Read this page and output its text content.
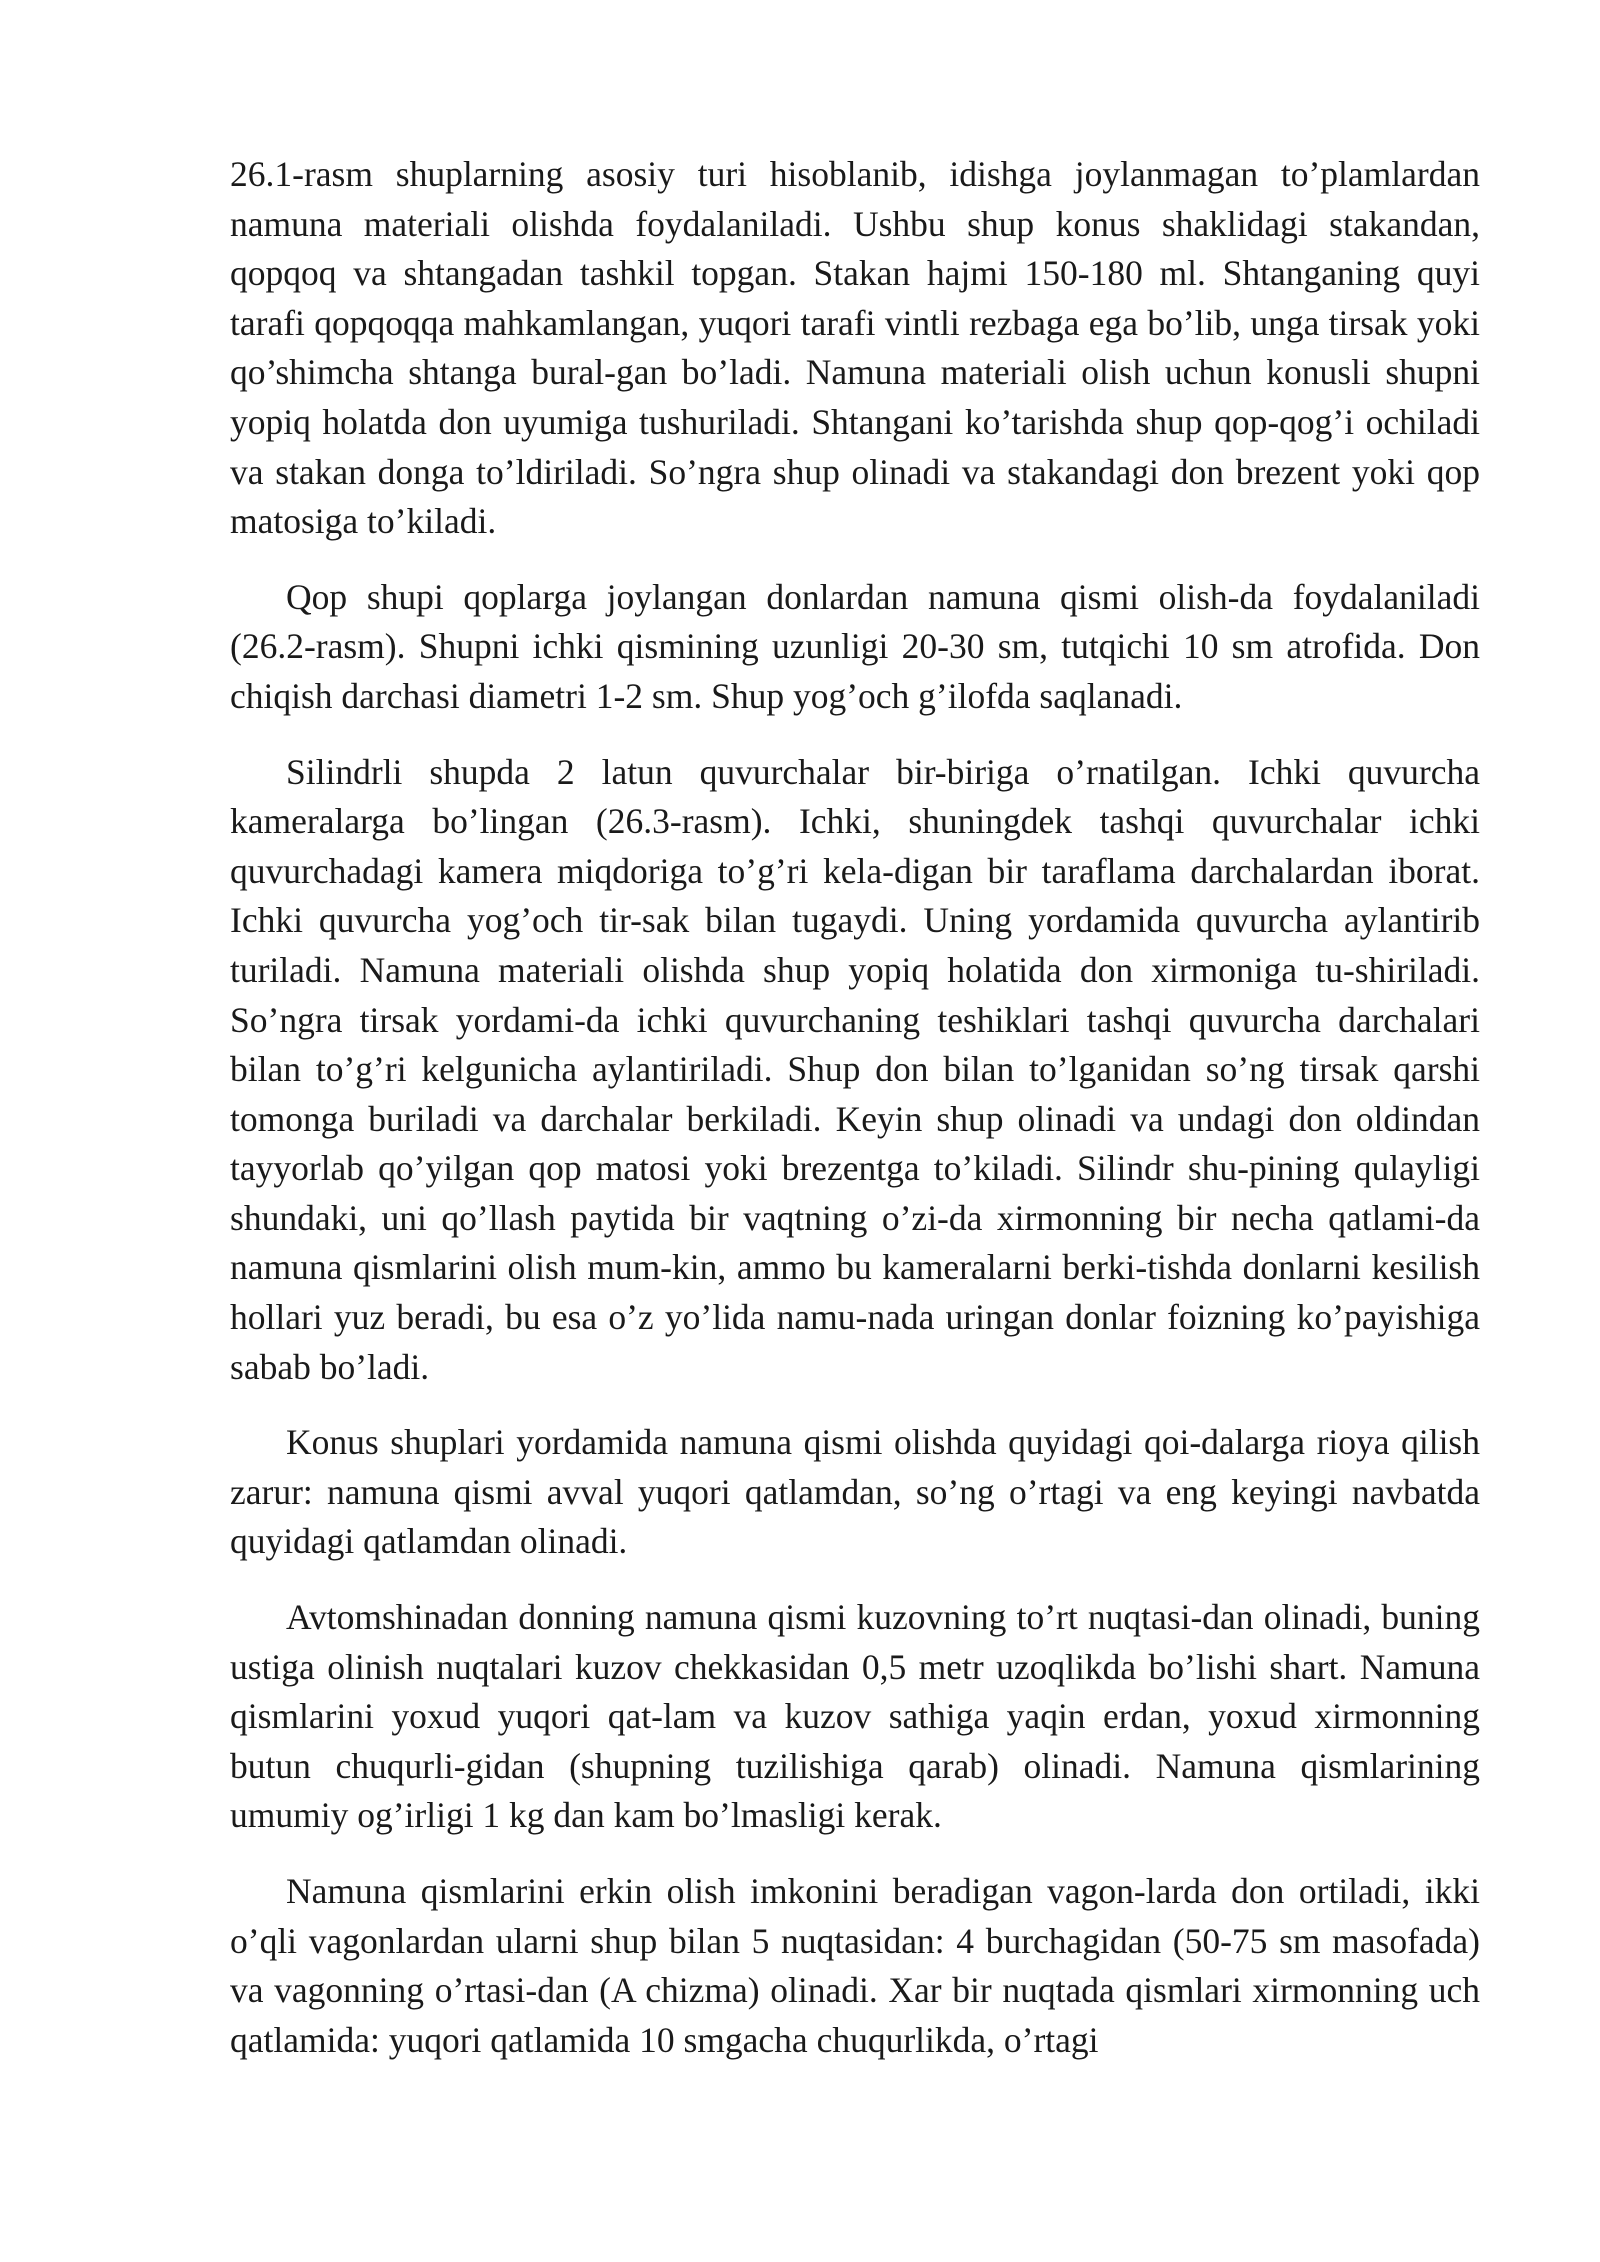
26.1-rasm shuplarning asosiy turi hisoblanib, idishga joylanmagan to’plamlardan namuna materiali olishda foydalaniladi. Ushbu shup konus shaklidagi stakandan, qopqoq va shtangadan tashkil topgan. Stakan hajmi 150-180 ml. Shtanganing quyi tarafi qopqoqqa mahkamlangan, yuqori tarafi vintli rezbaga ega bo’lib, unga tirsak yoki qo’shimcha shtanga bural-gan bo’ladi. Namuna materiali olish uchun konusli shupni yopiq holatda don uyumiga tushuriladi. Shtangani ko’tarishda shup qop-qog’i ochiladi va stakan donga to’ldiriladi. So’ngra shup olinadi va stakandagi don brezent yoki qop matosiga to’kiladi.

Qop shupi qoplarga joylangan donlardan namuna qismi olish-da foydalaniladi (26.2-rasm). Shupni ichki qismining uzunligi 20-30 sm, tutqichi 10 sm atrofida. Don chiqish darchasi diametri 1-2 sm. Shup yog’och g’ilofda saqlanadi.

Silindrli shupda 2 latun quvurchalar bir-biriga o’rnatilgan. Ichki quvurcha kameralarga bo’lingan (26.3-rasm). Ichki, shuningdek tashqi quvurchalar ichki quvurchadagi kamera miqdoriga to’g’ri kela-digan bir taraflama darchalardan iborat. Ichki quvurcha yog’och tir-sak bilan tugaydi. Uning yordamida quvurcha aylantirib turiladi. Namuna materiali olishda shup yopiq holatida don xirmoniga tu-shiriladi. So’ngra tirsak yordami-da ichki quvurchaning teshiklari tashqi quvurcha darchalari bilan to’g’ri kelgunicha aylantiriladi. Shup don bilan to’lganidan so’ng tirsak qarshi tomonga buriladi va darchalar berkiladi. Keyin shup olinadi va undagi don oldindan tayyorlab qo’yilgan qop matosi yoki brezentga to’kiladi. Silindr shu-pining qulayligi shundaki, uni qo’llash paytida bir vaqtning o’zi-da xirmonning bir necha qatlami-da namuna qismlarini olish mum-kin, ammo bu kameralarni berki-tishda donlarni kesilish hollari yuz beradi, bu esa o’z yo’lida namu-nada uringan donlar foizning ko’payishiga sabab bo’ladi.

Konus shuplari yordamida namuna qismi olishda quyidagi qoi-dalarga rioya qilish zarur: namuna qismi avval yuqori qatlamdan, so’ng o’rtagi va eng keyingi navbatda quyidagi qatlamdan olinadi.

Avtomshinadan donning namuna qismi kuzovning to’rt nuqtasi-dan olinadi, buning ustiga olinish nuqtalari kuzov chekkasidan 0,5 metr uzoqlikda bo’lishi shart. Namuna qismlarini yoxud yuqori qat-lam va kuzov sathiga yaqin erdan, yoxud xirmonning butun chuqurli-gidan (shupning tuzilishiga qarab) olinadi. Namuna qismlarining umumiy og’irligi 1 kg dan kam bo’lmasligi kerak.

Namuna qismlarini erkin olish imkonini beradigan vagon-larda don ortiladi, ikki o’qli vagonlardan ularni shup bilan 5 nuqtasidan: 4 burchagidan (50-75 sm masofada) va vagonning o’rtasi-dan (A chizma) olinadi. Xar bir nuqtada qismlari xirmonning uch qatlamida: yuqori qatlamida 10 smgacha chuqurlikda, o’rtagi
